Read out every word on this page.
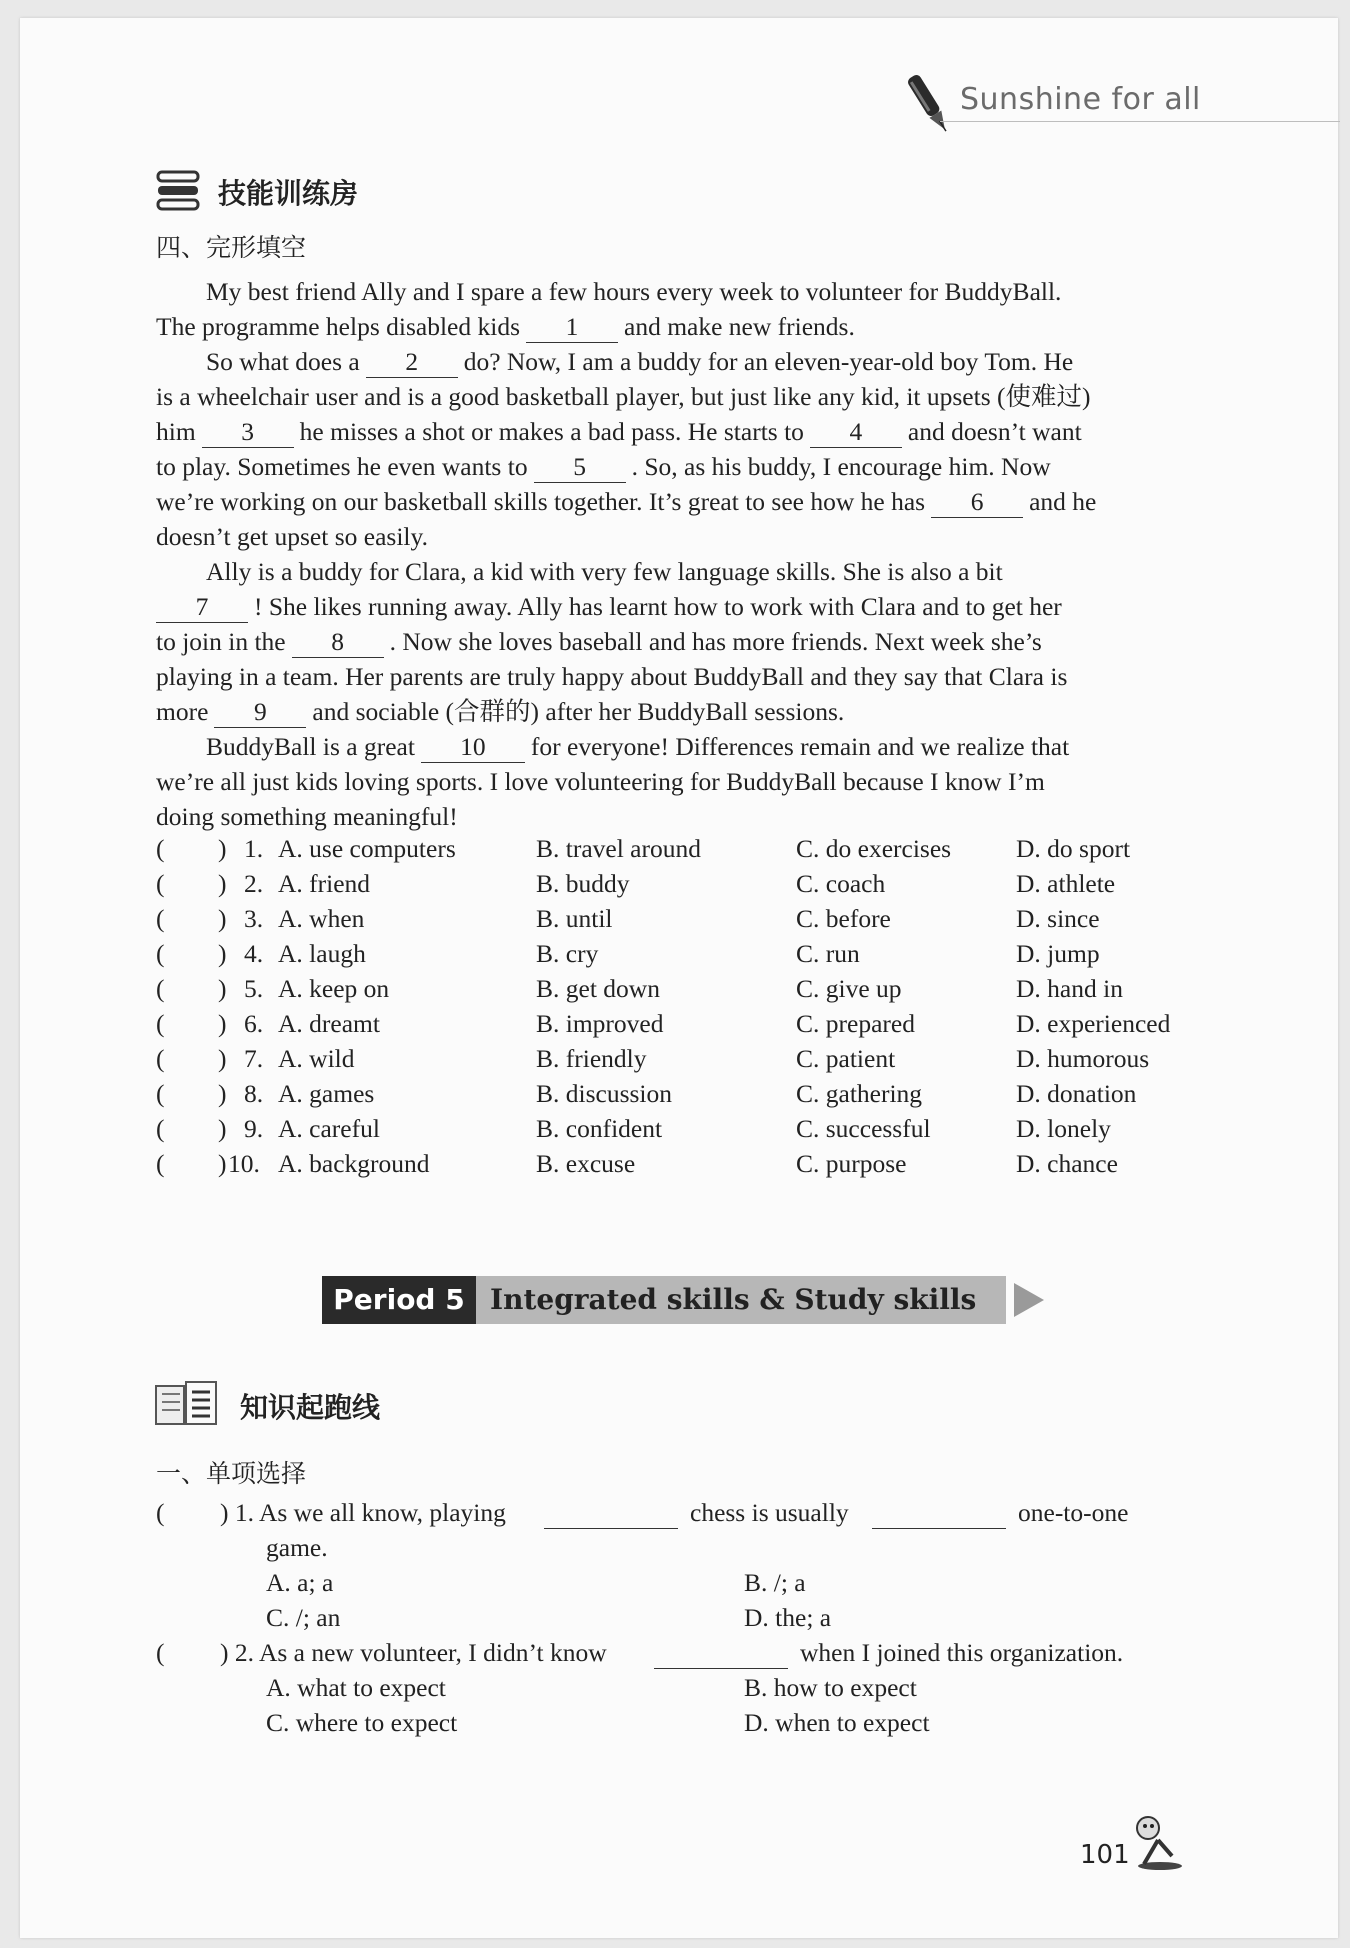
Sunshine for all
技能训练房
四、完形填空
My best friend Ally and I spare a few hours every week to volunteer for BuddyBall.
The programme helps disabled kids 1 and make new friends.
So what does a 2 do? Now, I am a buddy for an eleven-year-old boy Tom. He
is a wheelchair user and is a good basketball player, but just like any kid, it upsets (使难过)
him 3 he misses a shot or makes a bad pass. He starts to 4 and doesn’t want
to play. Sometimes he even wants to 5 . So, as his buddy, I encourage him. Now
we’re working on our basketball skills together. It’s great to see how he has 6 and he
doesn’t get upset so easily.
Ally is a buddy for Clara, a kid with very few language skills. She is also a bit
7 ! She likes running away. Ally has learnt how to work with Clara and to get her
to join in the 8 . Now she loves baseball and has more friends. Next week she’s
playing in a team. Her parents are truly happy about BuddyBall and they say that Clara is
more 9 and sociable (合群的) after her BuddyBall sessions.
BuddyBall is a great 10 for everyone! Differences remain and we realize that
we’re all just kids loving sports. I love volunteering for BuddyBall because I know I’m
doing something meaningful!
( ) 1. A. use computers	B. travel around	C. do exercises	D. do sport
( ) 2. A. friend	B. buddy	C. coach	D. athlete
( ) 3. A. when	B. until	C. before	D. since
( ) 4. A. laugh	B. cry	C. run	D. jump
( ) 5. A. keep on	B. get down	C. give up	D. hand in
( ) 6. A. dreamt	B. improved	C. prepared	D. experienced
( ) 7. A. wild	B. friendly	C. patient	D. humorous
( ) 8. A. games	B. discussion	C. gathering	D. donation
( ) 9. A. careful	B. confident	C. successful	D. lonely
( ) 10. A. background	B. excuse	C. purpose	D. chance
Period 5 Integrated skills & Study skills
知识起跑线
一、单项选择
( ) 1. As we all know, playing	chess is usually	one-to-one
game.
A. a; a	B. /; a
C. /; an	D. the; a
( ) 2. As a new volunteer, I didn’t know	when I joined this organization.
A. what to expect	B. how to expect
C. where to expect	D. when to expect
101
